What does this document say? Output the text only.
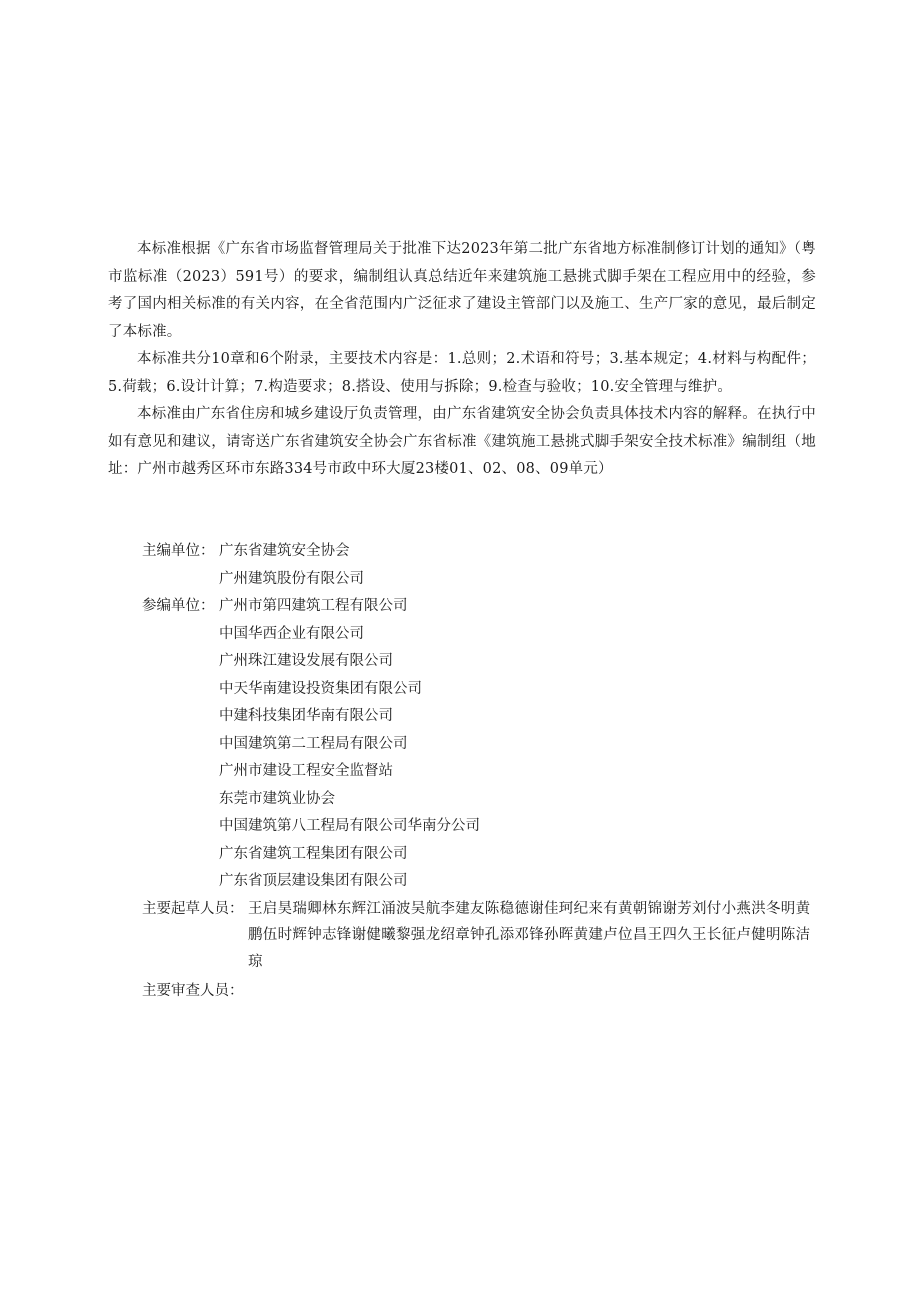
本标准根据《广东省市场监督管理局关于批准下达2023年第二批广东省地方标准制修订计划的通知》（粤市监标准（2023）591号）的要求，编制组认真总结近年来建筑施工悬挑式脚手架在工程应用中的经验，参考了国内相关标准的有关内容，在全省范围内广泛征求了建设主管部门以及施工、生产厂家的意见，最后制定了本标准。

本标准共分10章和6个附录，主要技术内容是：1.总则；2.术语和符号；3.基本规定；4.材料与构配件；5.荷载；6.设计计算；7.构造要求；8.搭设、使用与拆除；9.检查与验收；10.安全管理与维护。

本标准由广东省住房和城乡建设厅负责管理，由广东省建筑安全协会负责具体技术内容的解释。在执行中如有意见和建议，请寄送广东省建筑安全协会广东省标准《建筑施工悬挑式脚手架安全技术标准》编制组（地址：广州市越秀区环市东路334号市政中环大厦23楼01、02、08、09单元）

主编单位： 广东省建筑安全协会
广州建筑股份有限公司
参编单位： 广州市第四建筑工程有限公司
中国华西企业有限公司
广州珠江建设发展有限公司
中天华南建设投资集团有限公司
中建科技集团华南有限公司
中国建筑第二工程局有限公司
广州市建设工程安全监督站
东莞市建筑业协会
中国建筑第八工程局有限公司华南分公司
广东省建筑工程集团有限公司
广东省顶层建设集团有限公司
主要起草人员： 王启昊瑞卿林东辉江涌波吴航李建友陈稳德谢佳珂纪来有黄朝锦谢芳刘付小燕洪冬明黄鹏伍时辉钟志锋谢健曦黎强龙绍章钟孔添邓锋孙晖黄建卢位昌王四久王长征卢健明陈洁琼
主要审查人员：
